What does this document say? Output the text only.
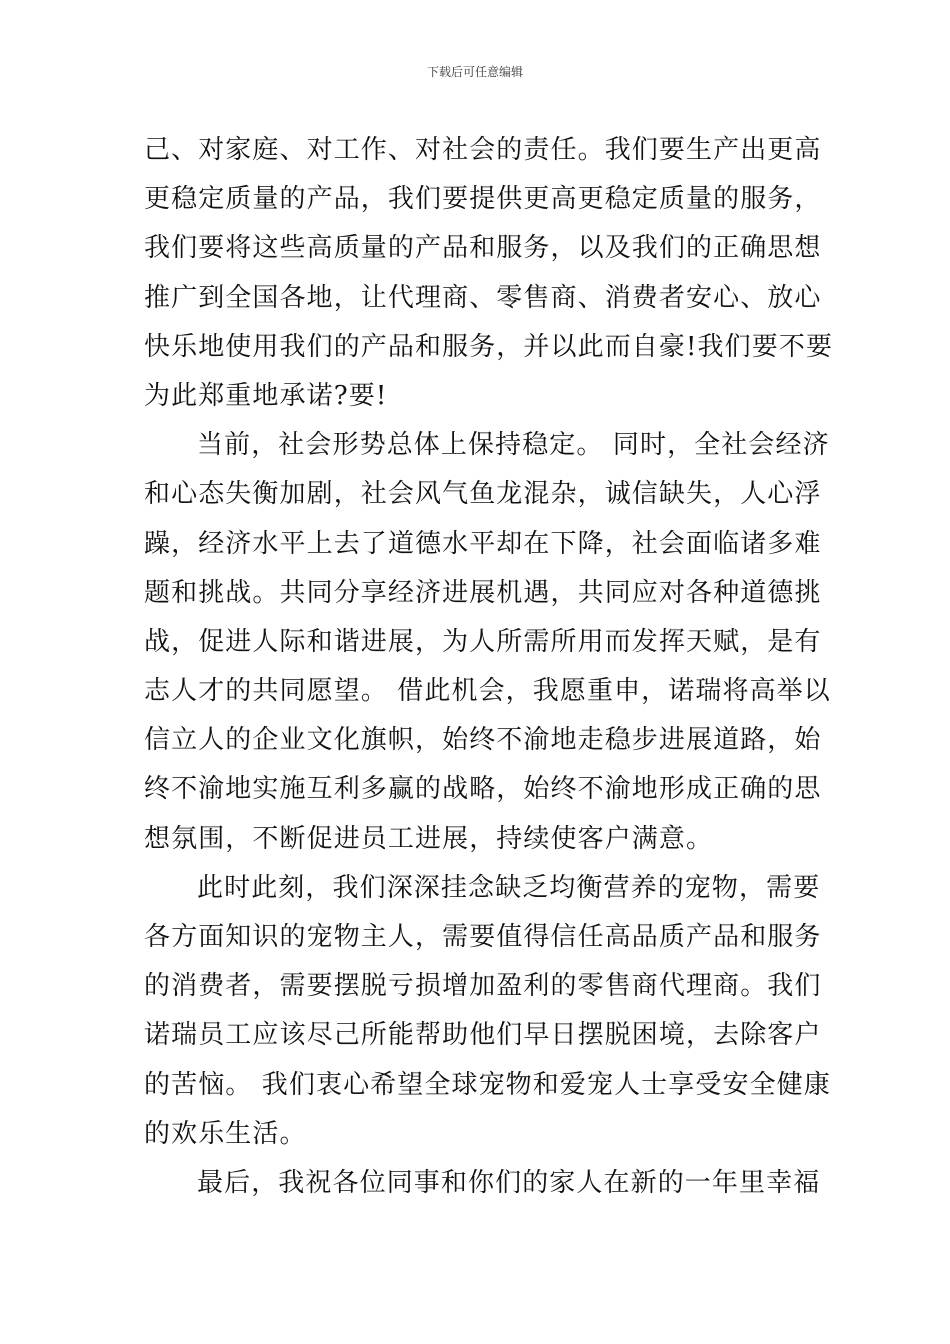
下载后可任意编辑
己、对家庭、对工作、对社会的责任。我们要生产出更高
更稳定质量的产品，我们要提供更高更稳定质量的服务，
我们要将这些高质量的产品和服务，以及我们的正确思想
推广到全国各地，让代理商、零售商、消费者安心、放心
快乐地使用我们的产品和服务，并以此而自豪!我们要不要
为此郑重地承诺?要!
当前，社会形势总体上保持稳定。 同时，全社会经济
和心态失衡加剧，社会风气鱼龙混杂，诚信缺失，人心浮
躁，经济水平上去了道德水平却在下降，社会面临诸多难
题和挑战。共同分享经济进展机遇，共同应对各种道德挑
战，促进人际和谐进展，为人所需所用而发挥天赋，是有
志人才的共同愿望。 借此机会，我愿重申，诺瑞将高举以
信立人的企业文化旗帜，始终不渝地走稳步进展道路，始
终不渝地实施互利多赢的战略，始终不渝地形成正确的思
想氛围，不断促进员工进展，持续使客户满意。
此时此刻，我们深深挂念缺乏均衡营养的宠物，需要
各方面知识的宠物主人，需要值得信任高品质产品和服务
的消费者，需要摆脱亏损增加盈利的零售商代理商。我们
诺瑞员工应该尽己所能帮助他们早日摆脱困境，去除客户
的苦恼。 我们衷心希望全球宠物和爱宠人士享受安全健康
的欢乐生活。
最后，我祝各位同事和你们的家人在新的一年里幸福
